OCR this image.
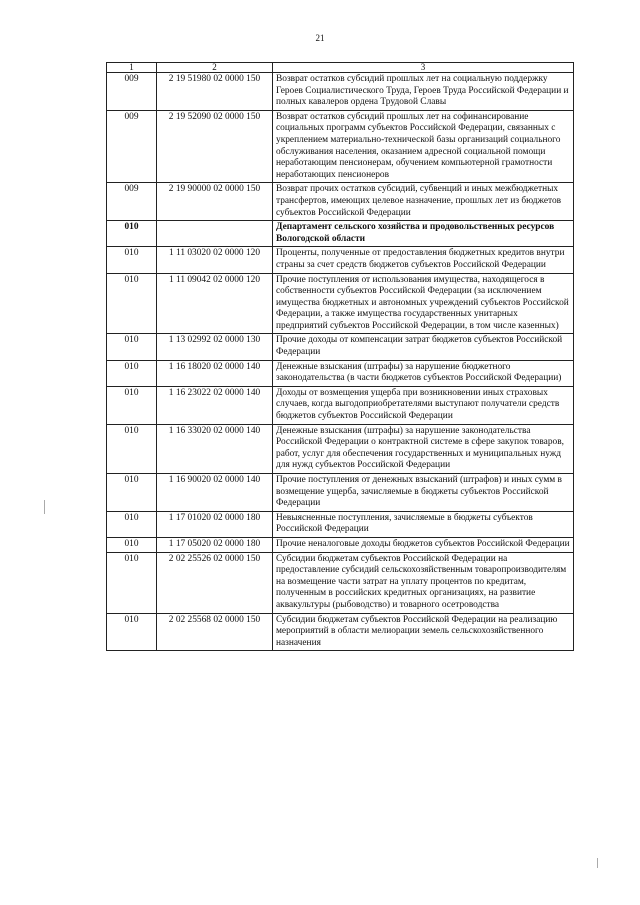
21
1	2	3
009	2 19 51980 02 0000 150	Возврат остатков субсидий прошлых лет на социальную поддержку Героев Социалистического Труда, Героев Труда Российской Федерации и полных кавалеров ордена Трудовой Славы
009	2 19 52090 02 0000 150	Возврат остатков субсидий прошлых лет на софинансирование социальных программ субъектов Российской Федерации, связанных с укреплением материально-технической базы организаций социального обслуживания населения, оказанием адресной социальной помощи неработающим пенсионерам, обучением компьютерной грамотности неработающих пенсионеров
009	2 19 90000 02 0000 150	Возврат прочих остатков субсидий, субвенций и иных межбюджетных трансфертов, имеющих целевое назначение, прошлых лет из бюджетов субъектов Российской Федерации
010		Департамент сельского хозяйства и продовольственных ресурсов Вологодской области
010	1 11 03020 02 0000 120	Проценты, полученные от предоставления бюджетных кредитов внутри страны за счет средств бюджетов субъектов Российской Федерации
010	1 11 09042 02 0000 120	Прочие поступления от использования имущества, находящегося в собственности субъектов Российской Федерации (за исключением имущества бюджетных и автономных учреждений субъектов Российской Федерации, а также имущества государственных унитарных предприятий субъектов Российской Федерации, в том числе казенных)
010	1 13 02992 02 0000 130	Прочие доходы от компенсации затрат бюджетов субъектов Российской Федерации
010	1 16 18020 02 0000 140	Денежные взыскания (штрафы) за нарушение бюджетного законодательства (в части бюджетов субъектов Российской Федерации)
010	1 16 23022 02 0000 140	Доходы от возмещения ущерба при возникновении иных страховых случаев, когда выгодоприобретателями выступают получатели средств бюджетов субъектов Российской Федерации
010	1 16 33020 02 0000 140	Денежные взыскания (штрафы) за нарушение законодательства Российской Федерации о контрактной системе в сфере закупок товаров, работ, услуг для обеспечения государственных и муниципальных нужд для нужд субъектов Российской Федерации
010	1 16 90020 02 0000 140	Прочие поступления от денежных взысканий (штрафов) и иных сумм в возмещение ущерба, зачисляемые в бюджеты субъектов Российской Федерации
010	1 17 01020 02 0000 180	Невыясненные поступления, зачисляемые в бюджеты субъектов Российской Федерации
010	1 17 05020 02 0000 180	Прочие неналоговые доходы бюджетов субъектов Российской Федерации
010	2 02 25526 02 0000 150	Субсидии бюджетам субъектов Российской Федерации на предоставление субсидий сельскохозяйственным товаропроизводителям на возмещение части затрат на уплату процентов по кредитам, полученным в российских кредитных организациях, на развитие аквакультуры (рыбоводство) и товарного осетроводства
010	2 02 25568 02 0000 150	Субсидии бюджетам субъектов Российской Федерации на реализацию мероприятий в области мелиорации земель сельскохозяйственного назначения
